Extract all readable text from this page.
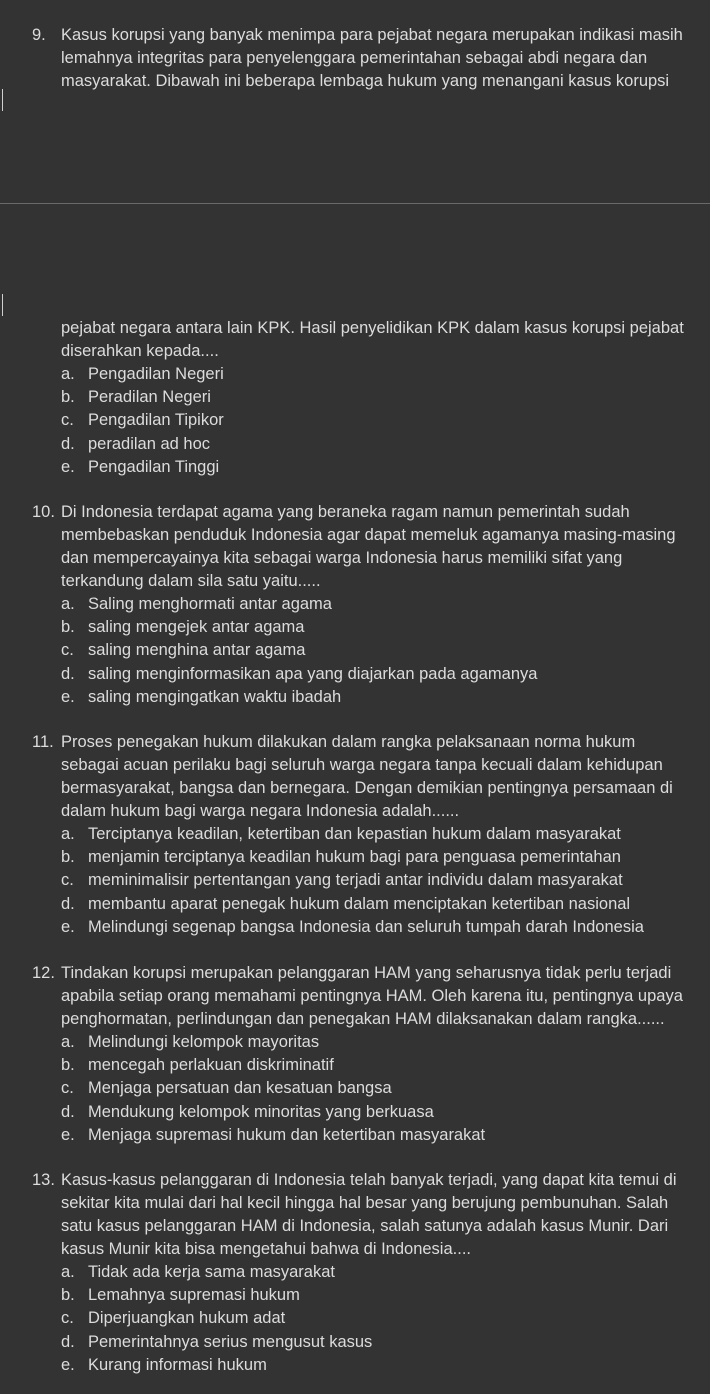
9. Kasus korupsi yang banyak menimpa para pejabat negara merupakan indikasi masih
lemahnya integritas para penyelenggara pemerintahan sebagai abdi negara dan
masyarakat. Dibawah ini beberapa lembaga hukum yang menangani kasus korupsi
pejabat negara antara lain KPK. Hasil penyelidikan KPK dalam kasus korupsi pejabat
diserahkan kepada....
a. Pengadilan Negeri
b. Peradilan Negeri
c. Pengadilan Tipikor
d. peradilan ad hoc
e. Pengadilan Tinggi
10. Di Indonesia terdapat agama yang beraneka ragam namun pemerintah sudah
membebaskan penduduk Indonesia agar dapat memeluk agamanya masing-masing
dan mempercayainya kita sebagai warga Indonesia harus memiliki sifat yang
terkandung dalam sila satu yaitu.....
a. Saling menghormati antar agama
b. saling mengejek antar agama
c. saling menghina antar agama
d. saling menginformasikan apa yang diajarkan pada agamanya
e. saling mengingatkan waktu ibadah
11. Proses penegakan hukum dilakukan dalam rangka pelaksanaan norma hukum
sebagai acuan perilaku bagi seluruh warga negara tanpa kecuali dalam kehidupan
bermasyarakat, bangsa dan bernegara. Dengan demikian pentingnya persamaan di
dalam hukum bagi warga negara Indonesia adalah......
a. Terciptanya keadilan, ketertiban dan kepastian hukum dalam masyarakat
b. menjamin terciptanya keadilan hukum bagi para penguasa pemerintahan
c. meminimalisir pertentangan yang terjadi antar individu dalam masyarakat
d. membantu aparat penegak hukum dalam menciptakan ketertiban nasional
e. Melindungi segenap bangsa Indonesia dan seluruh tumpah darah Indonesia
12. Tindakan korupsi merupakan pelanggaran HAM yang seharusnya tidak perlu terjadi
apabila setiap orang memahami pentingnya HAM. Oleh karena itu, pentingnya upaya
penghormatan, perlindungan dan penegakan HAM dilaksanakan dalam rangka......
a. Melindungi kelompok mayoritas
b. mencegah perlakuan diskriminatif
c. Menjaga persatuan dan kesatuan bangsa
d. Mendukung kelompok minoritas yang berkuasa
e. Menjaga supremasi hukum dan ketertiban masyarakat
13. Kasus-kasus pelanggaran di Indonesia telah banyak terjadi, yang dapat kita temui di
sekitar kita mulai dari hal kecil hingga hal besar yang berujung pembunuhan. Salah
satu kasus pelanggaran HAM di Indonesia, salah satunya adalah kasus Munir. Dari
kasus Munir kita bisa mengetahui bahwa di Indonesia....
a. Tidak ada kerja sama masyarakat
b. Lemahnya supremasi hukum
c. Diperjuangkan hukum adat
d. Pemerintahnya serius mengusut kasus
e. Kurang informasi hukum
